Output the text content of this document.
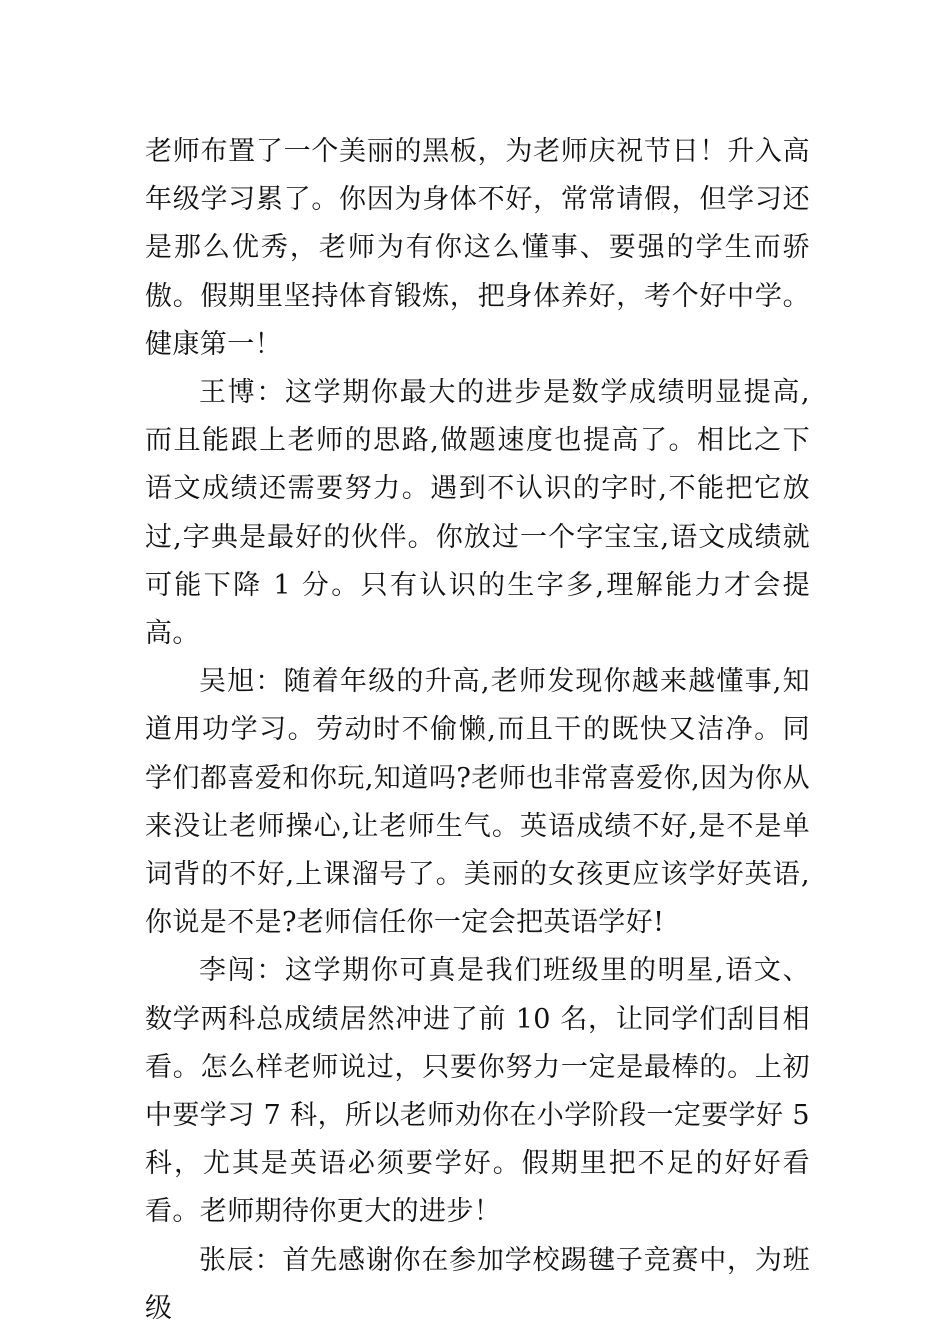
老师布置了一个美丽的黑板，为老师庆祝节日！升入高年级学习累了。你因为身体不好，常常请假，但学习还是那么优秀，老师为有你这么懂事、要强的学生而骄傲。假期里坚持体育锻炼，把身体养好，考个好中学。健康第一！

王博：这学期你最大的进步是数学成绩明显提高,而且能跟上老师的思路,做题速度也提高了。相比之下语文成绩还需要努力。遇到不认识的字时,不能把它放过,字典是最好的伙伴。你放过一个字宝宝,语文成绩就可能下降 1 分。只有认识的生字多,理解能力才会提高。

吴旭：随着年级的升高,老师发现你越来越懂事,知道用功学习。劳动时不偷懒,而且干的既快又洁净。同学们都喜爱和你玩,知道吗?老师也非常喜爱你,因为你从来没让老师操心,让老师生气。英语成绩不好,是不是单词背的不好,上课溜号了。美丽的女孩更应该学好英语,你说是不是?老师信任你一定会把英语学好!

李闯：这学期你可真是我们班级里的明星,语文、数学两科总成绩居然冲进了前 10 名，让同学们刮目相看。怎么样老师说过，只要你努力一定是最棒的。上初中要学习 7 科，所以老师劝你在小学阶段一定要学好 5 科，尤其是英语必须要学好。假期里把不足的好好看看。老师期待你更大的进步！

张辰：首先感谢你在参加学校踢毽子竞赛中，为班级
